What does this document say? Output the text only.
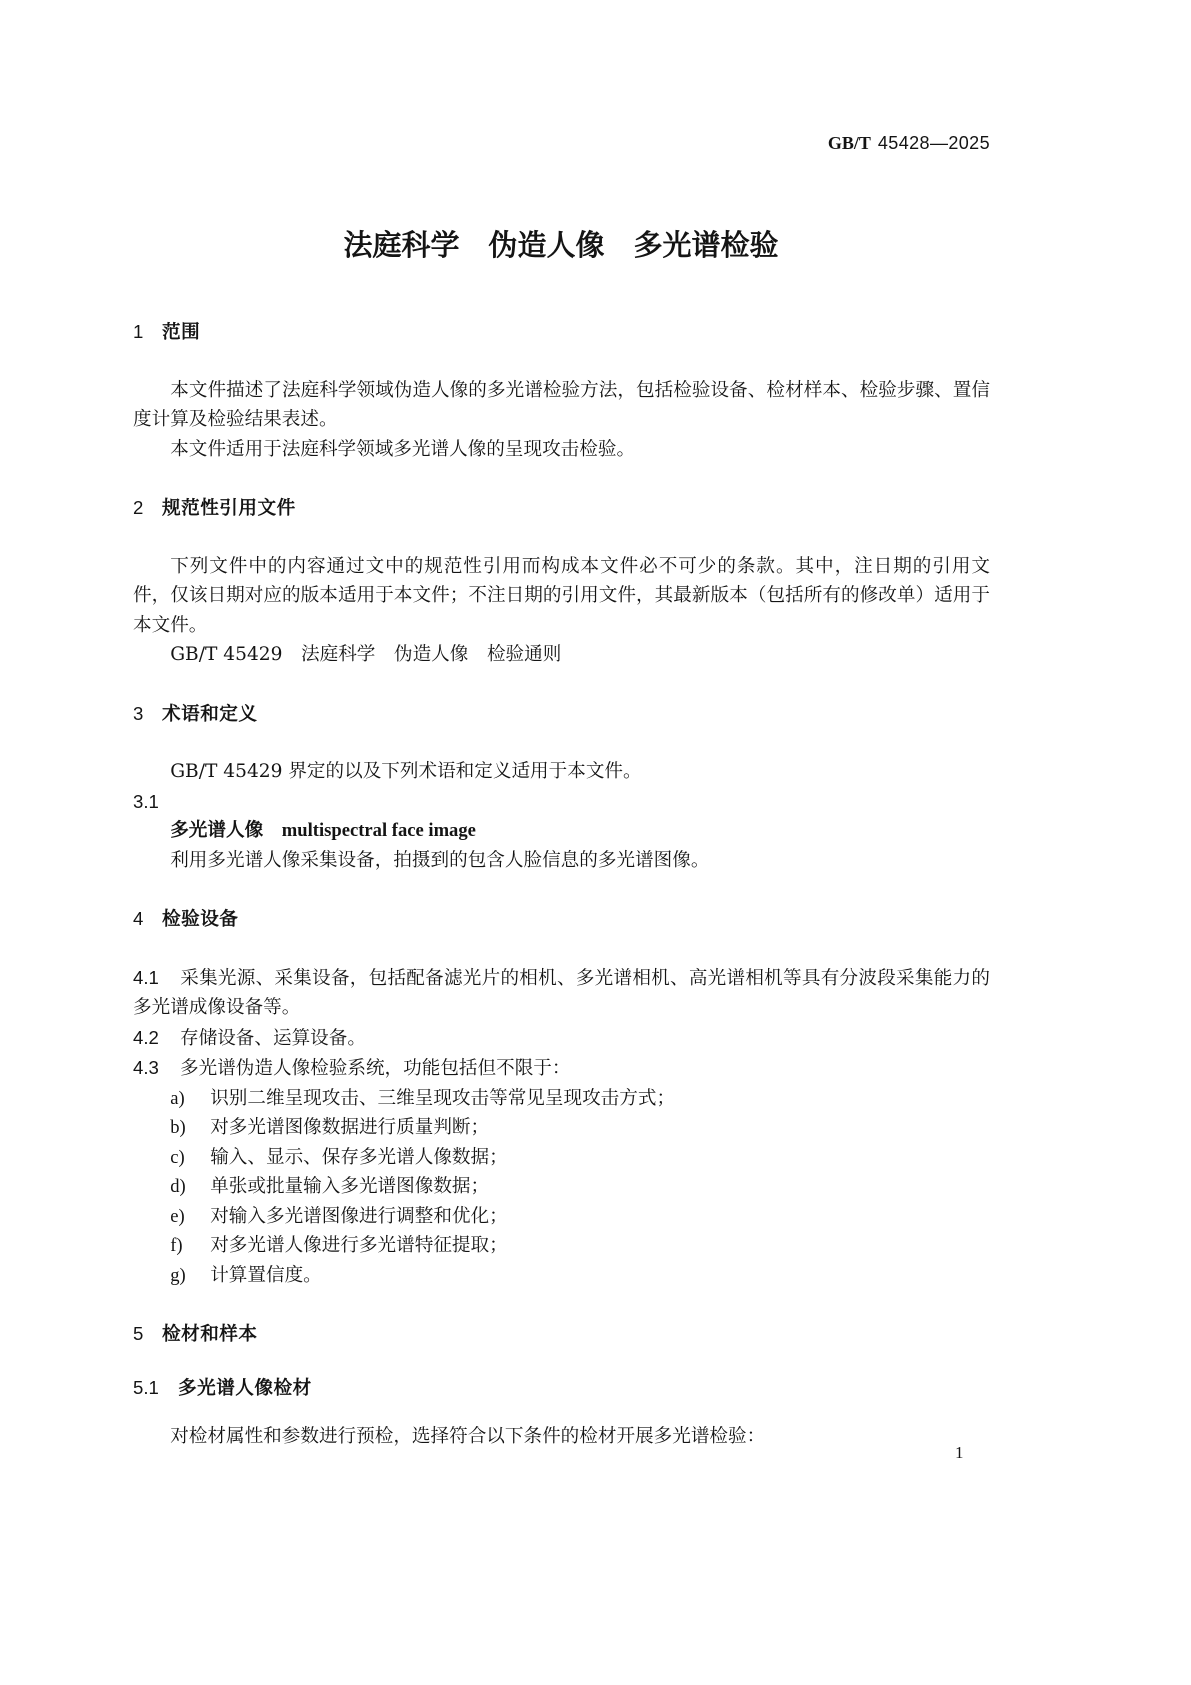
GB/T 45428—2025
法庭科学　伪造人像　多光谱检验
1 范围
本文件描述了法庭科学领域伪造人像的多光谱检验方法，包括检验设备、检材样本、检验步骤、置信
度计算及检验结果表述。
本文件适用于法庭科学领域多光谱人像的呈现攻击检验。
2 规范性引用文件
下列文件中的内容通过文中的规范性引用而构成本文件必不可少的条款。其中，注日期的引用文
件，仅该日期对应的版本适用于本文件；不注日期的引用文件，其最新版本（包括所有的修改单）适用于
本文件。
GB/T 45429　法庭科学　伪造人像　检验通则
3 术语和定义
GB/T 45429 界定的以及下列术语和定义适用于本文件。
3.1
多光谱人像 multispectral face image
利用多光谱人像采集设备，拍摄到的包含人脸信息的多光谱图像。
4 检验设备
4.1 采集光源、采集设备，包括配备滤光片的相机、多光谱相机、高光谱相机等具有分波段采集能力的
多光谱成像设备等。
4.2 存储设备、运算设备。
4.3 多光谱伪造人像检验系统，功能包括但不限于：
a) 识别二维呈现攻击、三维呈现攻击等常见呈现攻击方式；
b) 对多光谱图像数据进行质量判断；
c) 输入、显示、保存多光谱人像数据；
d) 单张或批量输入多光谱图像数据；
e) 对输入多光谱图像进行调整和优化；
f) 对多光谱人像进行多光谱特征提取；
g) 计算置信度。
5 检材和样本
5.1 多光谱人像检材
对检材属性和参数进行预检，选择符合以下条件的检材开展多光谱检验：
1
